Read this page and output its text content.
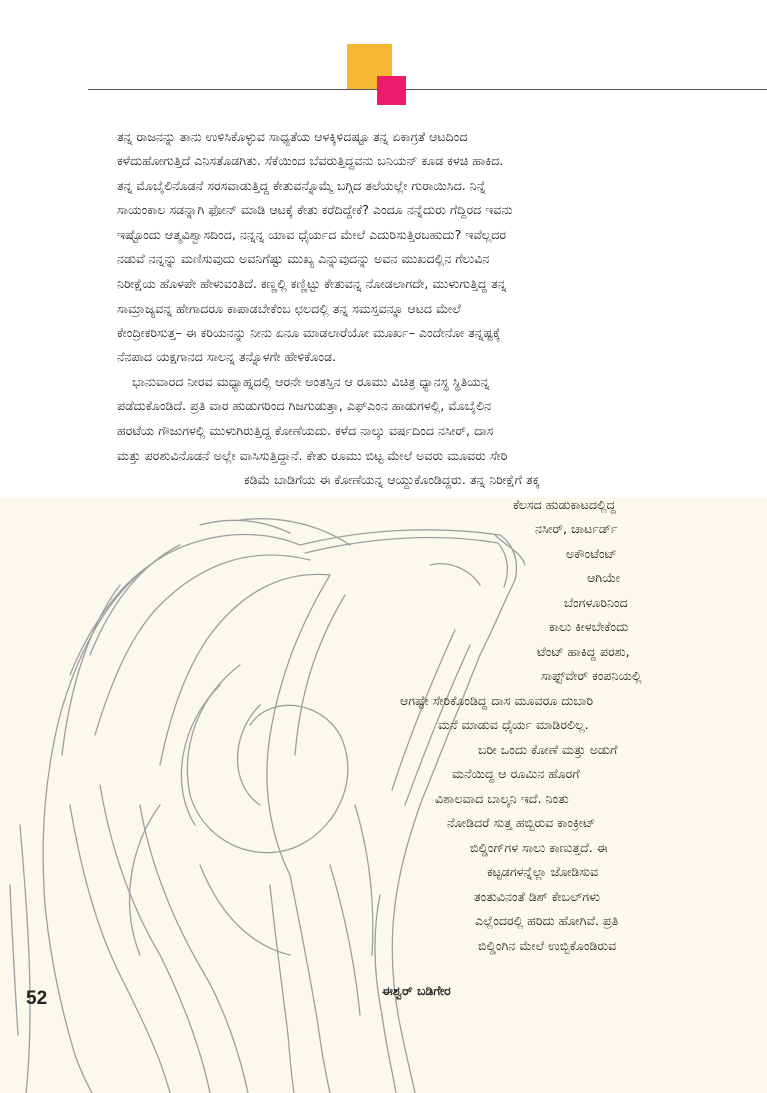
ತನ್ನ ರಾಜನನ್ನು ತಾನು ಉಳಿಸಿಕೊಳ್ಳುವ ಸಾಧ್ಯತೆಯ ಆಳಕ್ಕಿಳಿದಷ್ಟೂ ತನ್ನ ಏಕಾಗ್ರತೆ ಆಟದಿಂದ
ಕಳೆದುಹೋಗುತ್ತಿದೆ ಎನಿಸತೊಡಗಿತು. ಸೆಕೆಯಿಂದ ಬೆವರುತ್ತಿದ್ದವನು ಬನಿಯನ್ ಕೂಡ ಕಳಚಿ ಹಾಕಿದ.
ತನ್ನ ಮೊಬೈಲಿನೊಡನೆ ಸರಸವಾಡುತ್ತಿದ್ದ ಕೇತುವನ್ನೊಮ್ಮೆ ಬಗ್ಗಿದ ತಲೆಯಲ್ಲೇ ಗುರಾಯಿಸಿದ. ನಿನ್ನೆ
ಸಾಯಂಕಾಲ ಸಡನ್ನಾಗಿ ಫೋನ್ ಮಾಡಿ ಆಟಕ್ಕೆ ಕೇತು ಕರೆದಿದ್ದೇಕೆ? ಎಂದೂ ನನ್ನೆದುರು ಗೆದ್ದಿರದ ಇವನು
ಇಷ್ಟೊಂದು ಆತ್ಮವಿಶ್ವಾಸದಿಂದ, ನನ್ನನ್ನ ಯಾವ ಧೈರ್ಯದ ಮೇಲೆ ಎದುರಿಸುತ್ತಿರಬಹುದು? ಇವೆಲ್ಲದರ
ನಡುವೆ ನನ್ನನ್ನು ಮಣಿಸುವುದು ಅವನಿಗೆಷ್ಟು ಮುಖ್ಯ ಎನ್ನುವುದನ್ನು ಅವನ ಮುಖದಲ್ಲಿನ ಗೆಲುವಿನ
ನಿರೀಕ್ಷೆಯ ಹೊಳಪೇ ಹೇಳುವಂತಿದೆ. ಕಣ್ಣಲ್ಲಿ ಕಣ್ಣಿಟ್ಟು ಕೇತುವನ್ನ ನೋಡಲಾಗದೇ, ಮುಳುಗುತ್ತಿದ್ದ ತನ್ನ
ಸಾಮ್ರಾಜ್ಯವನ್ನ ಹೇಗಾದರೂ ಕಾಪಾಡಬೇಕೆಂಬ ಛಲದಲ್ಲಿ ತನ್ನ ಸಮಸ್ತವನ್ನೂ ಆಟದ ಮೇಲೆ
ಕೇಂದ್ರೀಕರಿಸುತ್ತ– ಈ ಕರಿಯನನ್ನು ನೀನು ಏನೂ ಮಾಡಲಾರೆಯೋ ಮೂರ್ಖ– ಎಂದೇನೋ ತನ್ನಷ್ಟಕ್ಕೆ
ನೆನಪಾದ ಯಕ್ಷಗಾನದ ಸಾಲನ್ನ ತನ್ನೊಳಗೇ ಹೇಳಿಕೊಂಡ.
ಭಾನುವಾರದ ನೀರವ ಮಧ್ಯಾಹ್ನದಲ್ಲಿ ಆರನೇ ಅಂತಸ್ತಿನ ಆ ರೂಮು ವಿಚಿತ್ರ ಧ್ಯಾನಸ್ಥ ಸ್ಥಿತಿಯನ್ನ
ಪಡೆದುಕೊಂಡಿದೆ. ಪ್ರತಿ ವಾರ ಹುಡುಗರಿಂದ ಗಿಜಗುಡುತ್ತಾ, ಎಫ್‌ಎಂನ ಹಾಡುಗಳಲ್ಲಿ, ಮೊಬೈಲಿನ
ಹರಟೆಯ ಗೌಜುಗಳಲ್ಲಿ ಮುಳುಗಿರುತ್ತಿದ್ದ ಕೋಣೆಯದು. ಕಳೆದ ನಾಲ್ಕು ವರ್ಷದಿಂದ ನಸೀರ್, ದಾಸ
ಮತ್ತು ಪರಶುವಿನೊಡನೆ ಅಲ್ಲೇ ವಾಸಿಸುತ್ತಿದ್ದಾನೆ. ಕೇತು ರೂಮು ಬಿಟ್ಟ ಮೇಲೆ ಅವರು ಮೂವರು ಸೇರಿ
ಕಡಿಮೆ ಬಾಡಿಗೆಯ ಈ ಕೋಣೆಯನ್ನ ಆಯ್ದುಕೊಂಡಿದ್ದರು. ತನ್ನ ನಿರೀಕ್ಷೆಗೆ ತಕ್ಕ
ಕೆಲಸದ ಹುಡುಕಾಟದಲ್ಲಿದ್ದ
ನಸೀರ್, ಚಾರ್ಟರ್ಡ್
ಅಕೌಂಟೆಂಟ್
ಆಗಿಯೇ
ಬೆಂಗಳೂರಿನಿಂದ
ಕಾಲು ಕೀಳಬೇಕೆಂದು
ಟೆಂಟ್ ಹಾಕಿದ್ದ ಪರಶು,
ಸಾಫ್ಟ್‌ವೇರ್ ಕಂಪನಿಯಲ್ಲಿ
ಆಗಷ್ಟೇ ಸೇರಿಕೊಂಡಿದ್ದ ದಾಸ ಮೂವರೂ ದುಬಾರಿ
ಮನೆ ಮಾಡುವ ಧೈರ್ಯ ಮಾಡಿರಲಿಲ್ಲ.
ಬರೀ ಒಂದು ಕೋಣೆ ಮತ್ತು ಅಡುಗೆ
ಮನೆಯಿದ್ದ ಆ ರೂಮಿನ ಹೊರಗೆ
ವಿಶಾಲವಾದ ಬಾಲ್ಕನಿ ಇದೆ. ನಿಂತು
ನೋಡಿದರೆ ಸುತ್ತ ಹಬ್ಬಿರುವ ಕಾಂಕ್ರೀಟ್
ಬಿಲ್ಡಿಂಗ್‌ಗಳ ಸಾಲು ಕಾಣುತ್ತದೆ. ಈ
ಕಟ್ಟಡಗಳನ್ನೆಲ್ಲಾ ಜೋಡಿಸುವ
ತಂತುವಿನಂತೆ ಡಿಶ್ ಕೇಬಲ್‌ಗಳು
ಎಲ್ಲೆಂದರಲ್ಲಿ ಹರಿದು ಹೋಗಿವೆ. ಪ್ರತಿ
ಬಿಲ್ಡಿಂಗಿನ ಮೇಲೆ ಉಬ್ಬಿಕೊಂಡಿರುವ
52	ಈಶ್ವರ್ ಬಡಿಗೇರ
